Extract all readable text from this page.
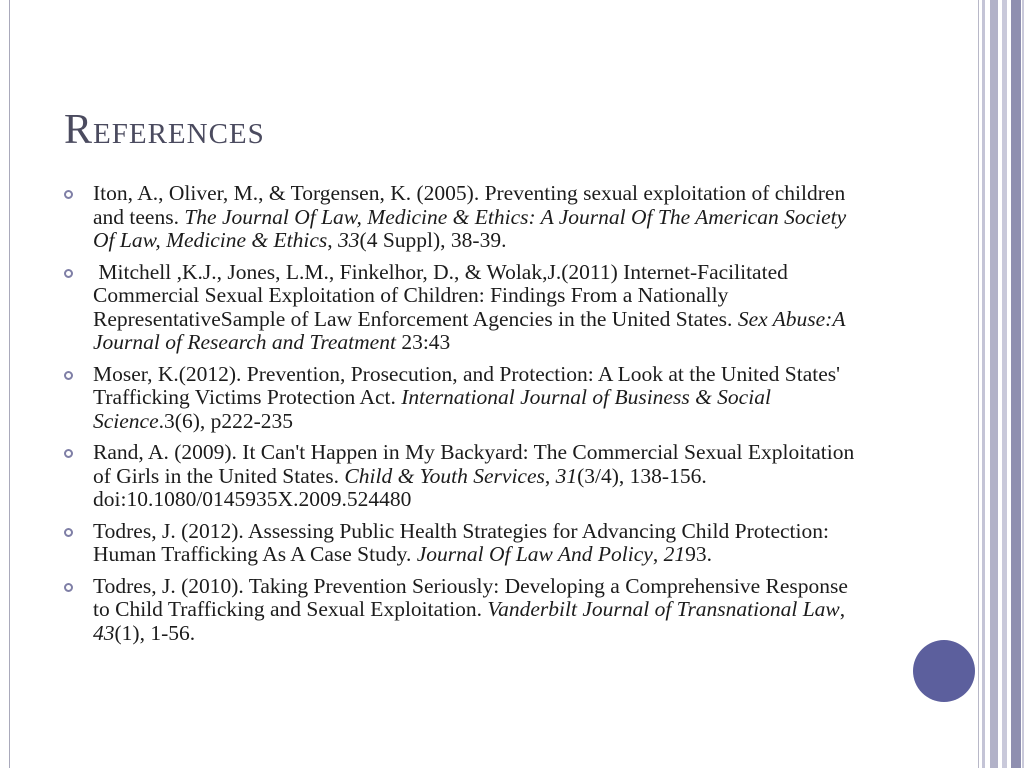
References
Iton, A., Oliver, M., & Torgensen, K. (2005). Preventing sexual exploitation of children and teens. The Journal Of Law, Medicine & Ethics: A Journal Of The American Society Of Law, Medicine & Ethics, 33(4 Suppl), 38-39.
Mitchell ,K.J., Jones, L.M., Finkelhor, D., & Wolak,J.(2011) Internet-Facilitated Commercial Sexual Exploitation of Children: Findings From a Nationally RepresentativeSample of Law Enforcement Agencies in the United States. Sex Abuse:A Journal of Research and Treatment 23:43
Moser, K.(2012). Prevention, Prosecution, and Protection: A Look at the United States' Trafficking Victims Protection Act. International Journal of Business & Social Science.3(6), p222-235
Rand, A. (2009). It Can't Happen in My Backyard: The Commercial Sexual Exploitation of Girls in the United States. Child & Youth Services, 31(3/4), 138-156. doi:10.1080/0145935X.2009.524480
Todres, J. (2012). Assessing Public Health Strategies for Advancing Child Protection: Human Trafficking As A Case Study. Journal Of Law And Policy, 2193.
Todres, J. (2010). Taking Prevention Seriously: Developing a Comprehensive Response to Child Trafficking and Sexual Exploitation. Vanderbilt Journal of Transnational Law, 43(1), 1-56.
